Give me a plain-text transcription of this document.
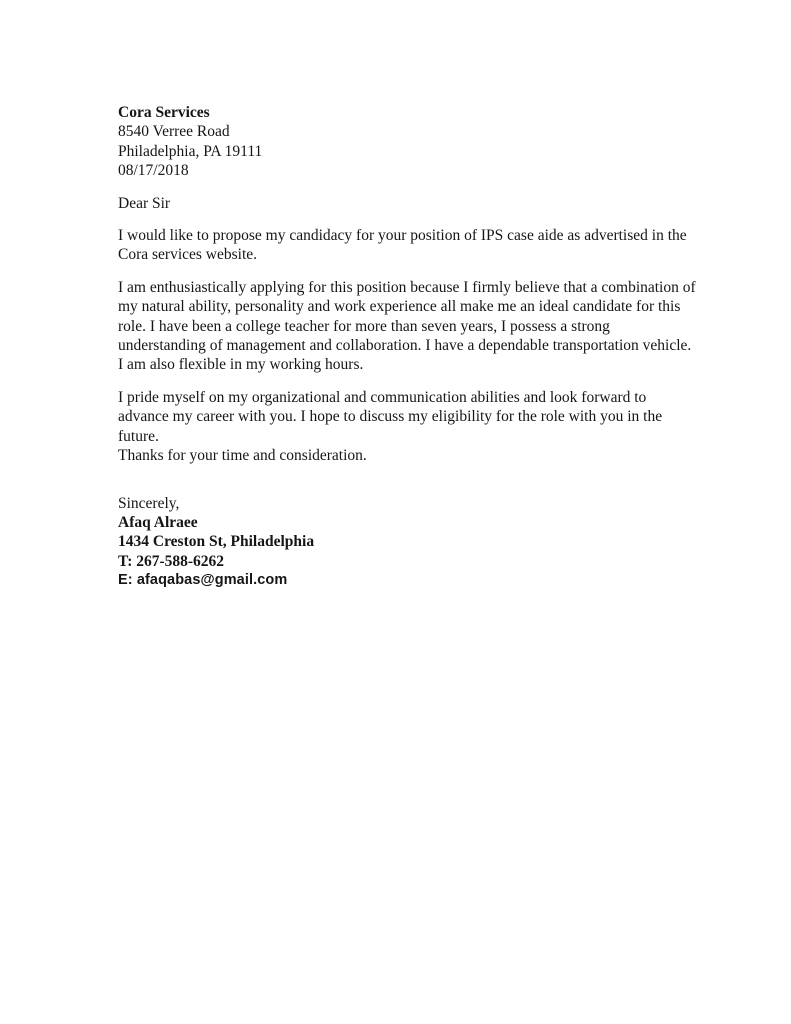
Cora Services
8540 Verree Road
Philadelphia, PA 19111
08/17/2018
Dear Sir
I would like to propose my candidacy for your position of IPS case aide as advertised in the
Cora services website.
I am enthusiastically applying for this position because I firmly believe that a combination of
my natural ability, personality and work experience all make me an ideal candidate for this
role. I have been a college teacher for more than seven years, I possess a strong
understanding of management and collaboration. I have a dependable transportation vehicle.
I am also flexible in my working hours.
I pride myself on my organizational and communication abilities and look forward to
advance my career with you. I hope to discuss my eligibility for the role with you in the
future.
Thanks for your time and consideration.
Sincerely,
Afaq Alraee
1434 Creston St, Philadelphia
T: 267-588-6262
E: afaqabas@gmail.com
